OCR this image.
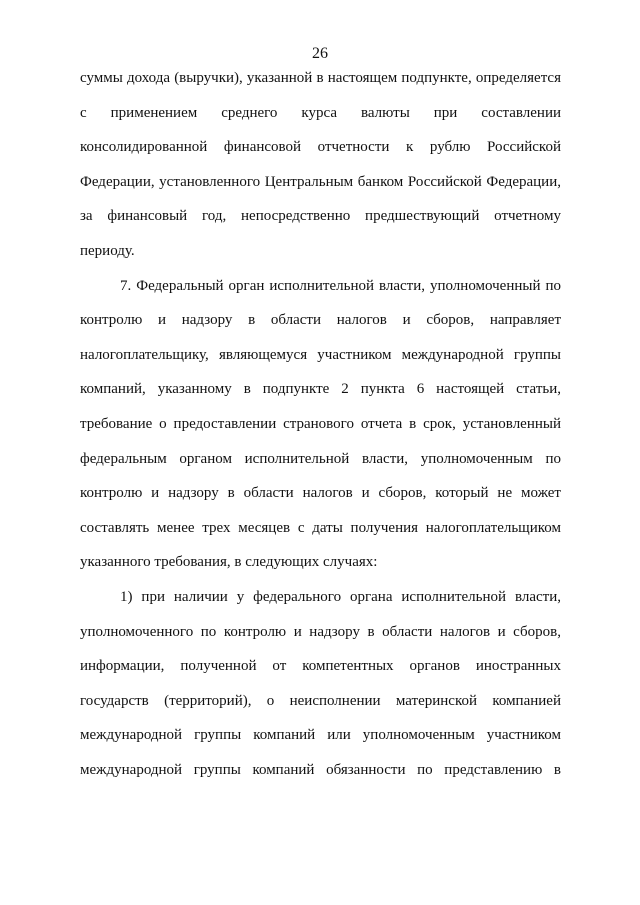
26
суммы дохода (выручки), указанной в настоящем подпункте, определяется
с применением среднего курса валюты при составлении
консолидированной финансовой отчетности к рублю Российской
Федерации, установленного Центральным банком Российской Федерации,
за финансовый год, непосредственно предшествующий отчетному
периоду.
7. Федеральный орган исполнительной власти, уполномоченный по
контролю и надзору в области налогов и сборов, направляет
налогоплательщику, являющемуся участником международной группы
компаний, указанному в подпункте 2 пункта 6 настоящей статьи,
требование о предоставлении странового отчета в срок, установленный
федеральным органом исполнительной власти, уполномоченным по
контролю и надзору в области налогов и сборов, который не может
составлять менее трех месяцев с даты получения налогоплательщиком
указанного требования, в следующих случаях:
1) при наличии у федерального органа исполнительной власти,
уполномоченного по контролю и надзору в области налогов и сборов,
информации, полученной от компетентных органов иностранных
государств (территорий), о неисполнении материнской компанией
международной группы компаний или уполномоченным участником
международной группы компаний обязанности по представлению в
